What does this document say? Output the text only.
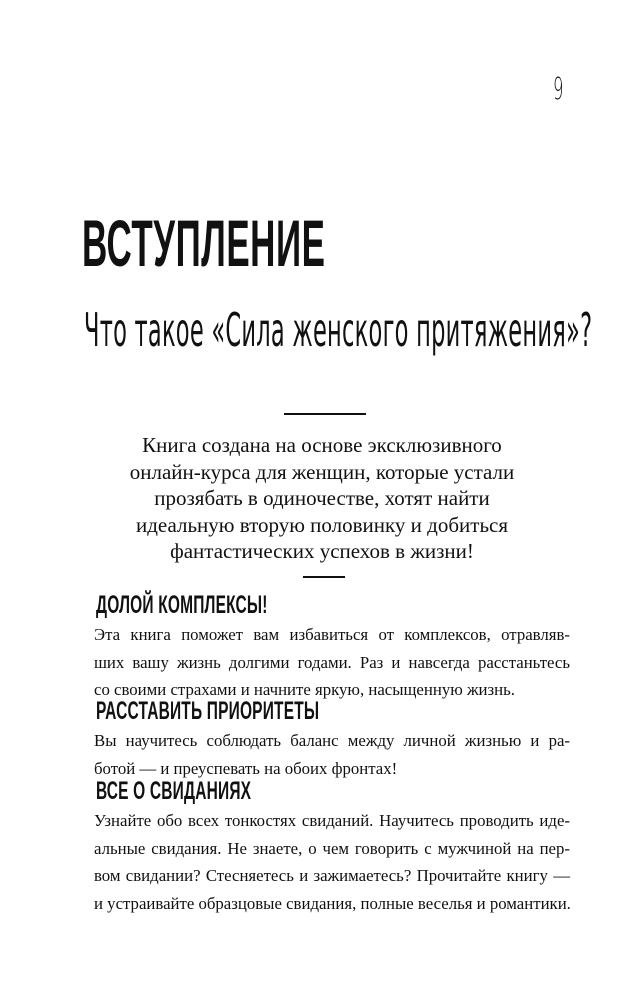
9
ВСТУПЛЕНИЕ
Что такое «Сила женского притяжения»?
Книга создана на основе эксклюзивного
онлайн-курса для женщин, которые устали
прозябать в одиночестве, хотят найти
идеальную вторую половинку и добиться
фантастических успехов в жизни!
ДОЛОЙ КОМПЛЕКСЫ!

Эта книга поможет вам избавиться от комплексов, отравляв-
ших вашу жизнь долгими годами. Раз и навсегда расстаньтесь
со своими страхами и начните яркую, насыщенную жизнь.

РАССТАВИТЬ ПРИОРИТЕТЫ

Вы научитесь соблюдать баланс между личной жизнью и ра-
ботой — и преуспевать на обоих фронтах!

ВСЕ О СВИДАНИЯХ

Узнайте обо всех тонкостях свиданий. Научитесь проводить иде-
альные свидания. Не знаете, о чем говорить с мужчиной на пер-
вом свидании? Стесняетесь и зажимаетесь? Прочитайте книгу —
и устраивайте образцовые свидания, полные веселья и романтики.
